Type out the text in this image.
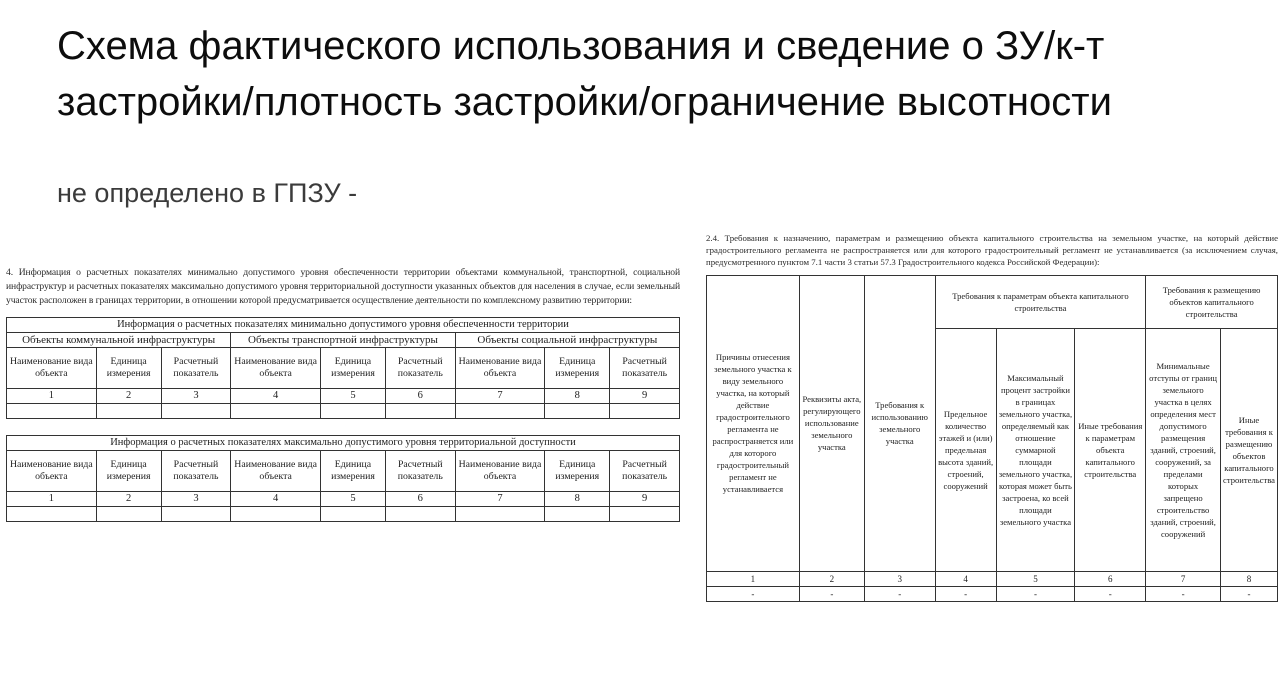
Схема фактического использования и сведение о ЗУ/к-т застройки/плотность застройки/ограничение высотности
не определено в ГПЗУ -
4. Информация о расчетных показателях минимально допустимого уровня обеспеченности территории объектами коммунальной, транспортной, социальной инфраструктур и расчетных показателях максимально допустимого уровня территориальной доступности указанных объектов для населения в случае, если земельный участок расположен в границах территории, в отношении которой предусматривается осуществление деятельности по комплексному развитию территории:
Информация о расчетных показателях минимально допустимого уровня обеспеченности территории								
Объекты коммунальной инфраструктуры			Объекты транспортной инфраструктуры			Объекты социальной инфраструктуры		
Наименование вида объекта	Единица измерения	Расчетный показатель	Наименование вида объекта	Единица измерения	Расчетный показатель	Наименование вида объекта	Единица измерения	Расчетный показатель
1	2	3	4	5	6	7	8	9

Информация о расчетных показателях максимально допустимого уровня территориальной доступности								
Наименование вида объекта	Единица измерения	Расчетный показатель	Наименование вида объекта	Единица измерения	Расчетный показатель	Наименование вида объекта	Единица измерения	Расчетный показатель
1	2	3	4	5	6	7	8	9

2.4. Требования к назначению, параметрам и размещению объекта капитального строительства на земельном участке, на который действие градостроительного регламента не распространяется или для которого градостроительный регламент не устанавливается (за исключением случая, предусмотренного пунктом 7.1 части 3 статьи 57.3 Градостроительного кодекса Российской Федерации):
Причины отнесения земельного участка к виду земельного участка, на который действие градостроительного регламента не распространяется или для которого градостроительный регламент не устанавливается	Реквизиты акта, регулирующего использование земельного участка	Требования к использованию земельного участка	Требования к параметрам объекта капитального строительства			Требования к размещению объектов капитального строительства	
			Предельное количество этажей и (или) предельная высота зданий, строений, сооружений	Максимальный процент застройки в границах земельного участка, определяемый как отношение суммарной площади земельного участка, которая может быть застроена, ко всей площади земельного участка	Иные требования к параметрам объекта капитального строительства	Минимальные отступы от границ земельного участка в целях определения мест допустимого размещения зданий, строений, сооружений, за пределами которых запрещено строительство зданий, строений, сооружений	Иные требования к размещению объектов капитального строительства
1	2	3	4	5	6	7	8
-	-	-	-	-	-	-	-
